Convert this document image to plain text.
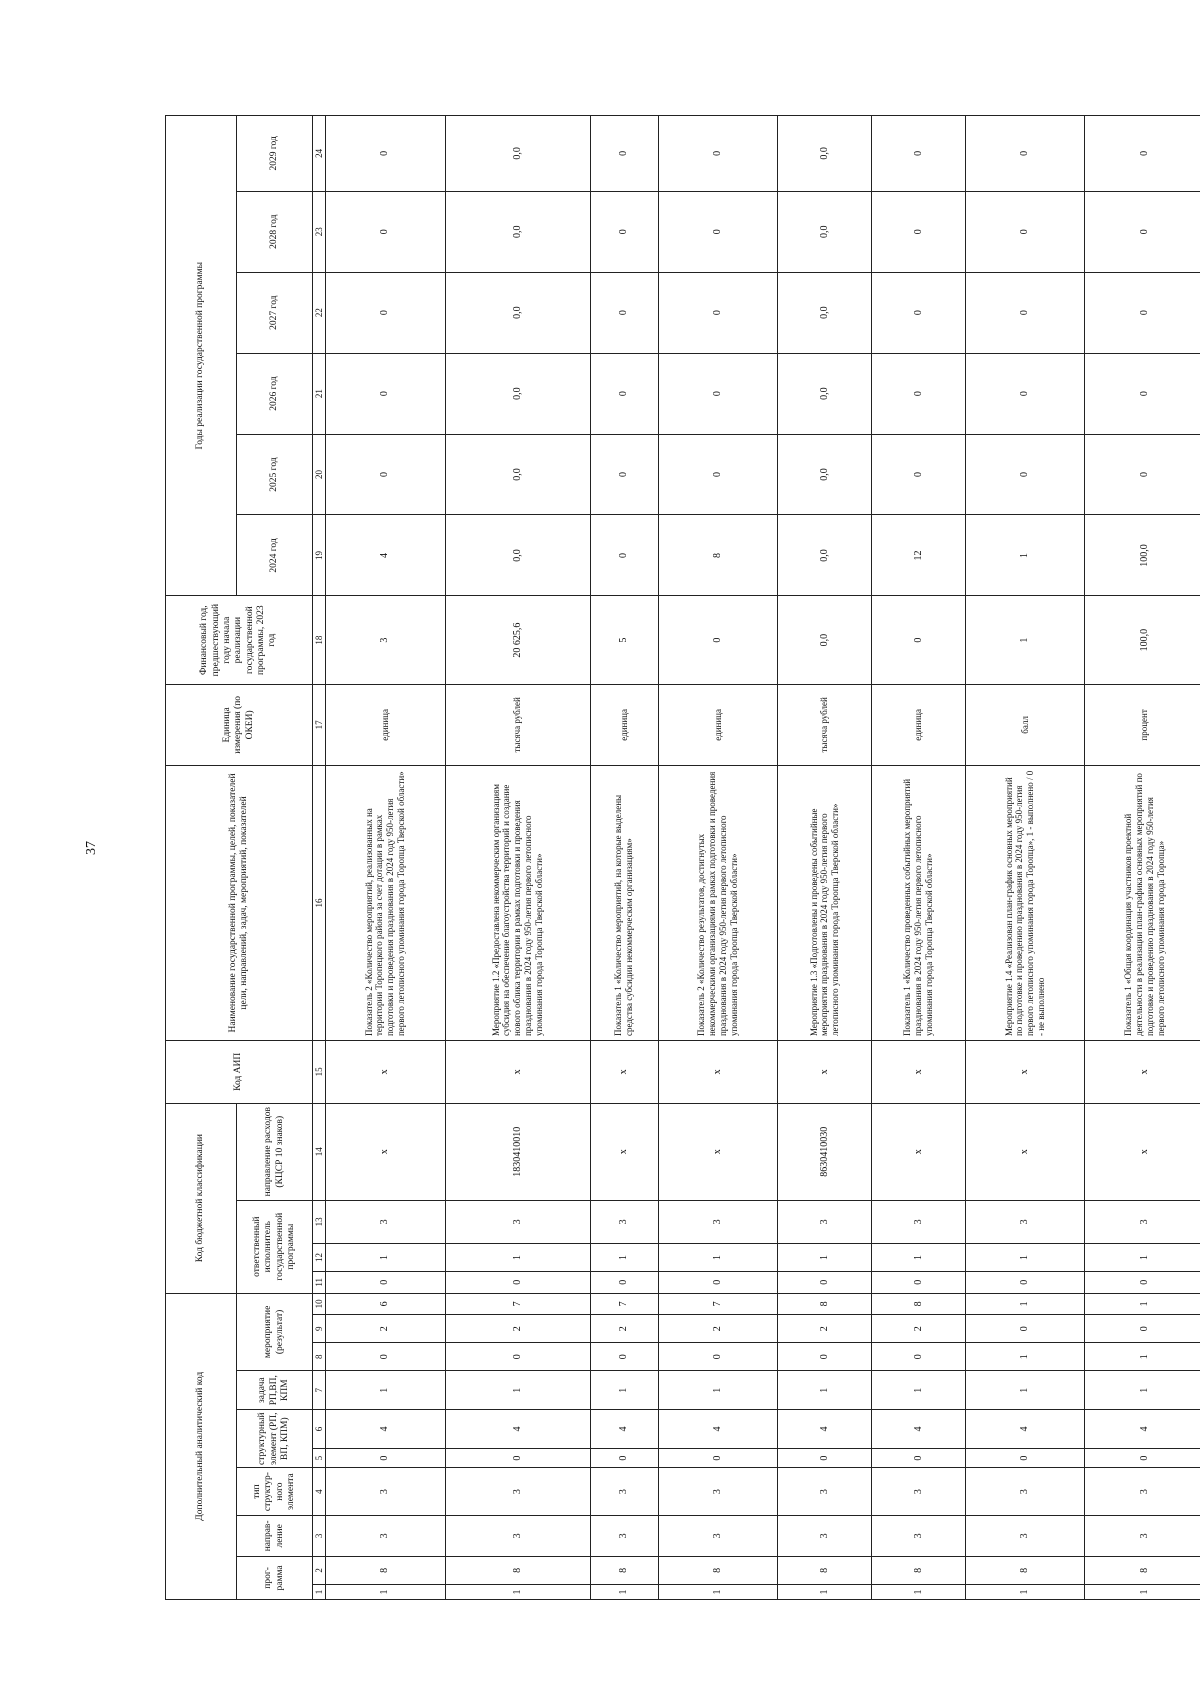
37
Дополнительный аналитический код										Код бюджетной классификации				Код АИП	Наименование государственной программы, целей, показателей цели, направлений, задач, мероприятий, показателей	Единица измерения (по ОКЕИ)	Финансовый год, предшествующий году начала реализации государственной программы, 2023 год	Годы реализации государственной программы					
прог-рамма		направ-ление	тип структур-ного элемента	структурный элемент (РП, ВП, КПМ)		задача РП,ВП, КПМ	мероприятие (результат)			ответственный исполнитель государственной программы			направление расходов (КЦСР 10 знаков)					2024 год	2025 год	2026 год	2027 год	2028 год	2029 год
1	2	3	4	5	6	7	8	9	10	11	12	13	14	15	16	17	18	19	20	21	22	23	24
1	8	3	3	0	4	1	0	2	6	0	1	3	х	х	Показатель 2 «Количество мероприятий, реализованных на территории Торопецкого района за счет дотации в рамках подготовки и проведения празднования в 2024 году 950-летия первого летописного упоминания города Торопца Тверской области»	единица	3	4	0	0	0	0	0
1	8	3	3	0	4	1	0	2	7	0	1	3	1830410010	х	Мероприятие 1.2 «Предоставлена некоммерческим организациям субсидия на обеспечение благоустройства территорий и создание нового облика территории в рамках подготовки и проведения празднования в 2024 году 950-летия первого летописного упоминания города Торопца Тверской области»	тысяча рублей	20 625,6	0,0	0,0	0,0	0,0	0,0	0,0
1	8	3	3	0	4	1	0	2	7	0	1	3	х	х	Показатель 1 «Количество мероприятий, на которые выделены средства субсидии некоммерческим организациям»	единица	5	0	0	0	0	0	0
1	8	3	3	0	4	1	0	2	7	0	1	3	х	х	Показатель 2 «Количество результатов, достигнутых некоммерческими организациями в рамках подготовки и проведения празднования в 2024 году 950-летия первого летописного упоминания города Торопца Тверской области»	единица	0	8	0	0	0	0	0
1	8	3	3	0	4	1	0	2	8	0	1	3	8630410030	х	Мероприятие 1.3 «Подготовлены и проведены событийные мероприятия празднования в 2024 году 950-летия первого летописного упоминания города Торопца Тверской области»	тысяча рублей	0,0	0,0	0,0	0,0	0,0	0,0	0,0
1	8	3	3	0	4	1	0	2	8	0	1	3	х	х	Показатель 1 «Количество проведенных событийных мероприятий празднования в 2024 году 950-летия первого летописного упоминания города Торопца Тверской области»	единица	0	12	0	0	0	0	0
1	8	3	3	0	4	1	1	0	1	0	1	3	х	х	Мероприятие 1.4 «Реализован план-график основных мероприятий по подготовке и проведению празднования в 2024 году 950-летия первого летописного упоминания города Торопца», 1 - выполнено / 0 - не выполнено	балл	1	1	0	0	0	0	0
1	8	3	3	0	4	1	1	0	1	0	1	3	х	х	Показатель 1 «Общая координация участников проектной деятельности в реализации план-графика основных мероприятий по подготовке и проведению празднования в 2024 году 950-летия первого летописного упоминания города Торопца»	процент	100,0	100,0	0	0	0	0	0
